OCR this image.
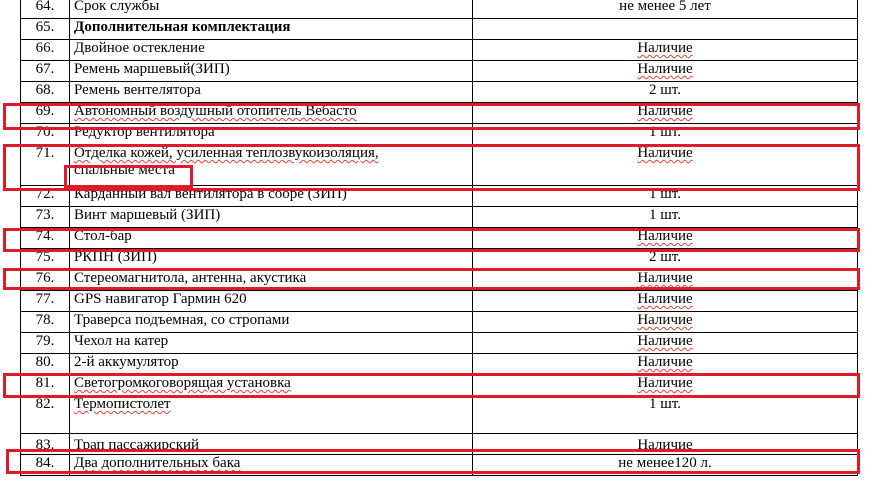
64.	Срок службы	не менее 5 лет
65.	Дополнительная комплектация	
66.	Двойное остекление	Наличие
67.	Ремень маршевый(ЗИП)	Наличие
68.	Ремень вентелятора	2 шт.
69.	Автономный воздушный отопитель Вебасто	Наличие
70.	Редуктор вентилятора	1 шт.
71.	Отделка кожей, усиленная теплозвукоизоляция,
спальные места	Наличие
72.	Карданный вал вентилятора в сооре (ЗИП)	1 шт.
73.	Винт маршевый (ЗИП)	1 шт.
74.	Стол-бар	Наличие
75.	РКПН (ЗИП)	2 шт.
76.	Стереомагнитола, антенна, акустика	Наличие
77.	GPS навигатор Гармин 620	Наличие
78.	Траверса подъемная, со стропами	Наличие
79.	Чехол на катер	Наличие
80.	2-й аккумулятор	Наличие
81.	Светогромкоговорящая установка	Наличие
82.	Термопистолет	1 шт.
83.	Трап пассажирский	Наличие
84.	Два дополнительных бака	не менее120 л.
